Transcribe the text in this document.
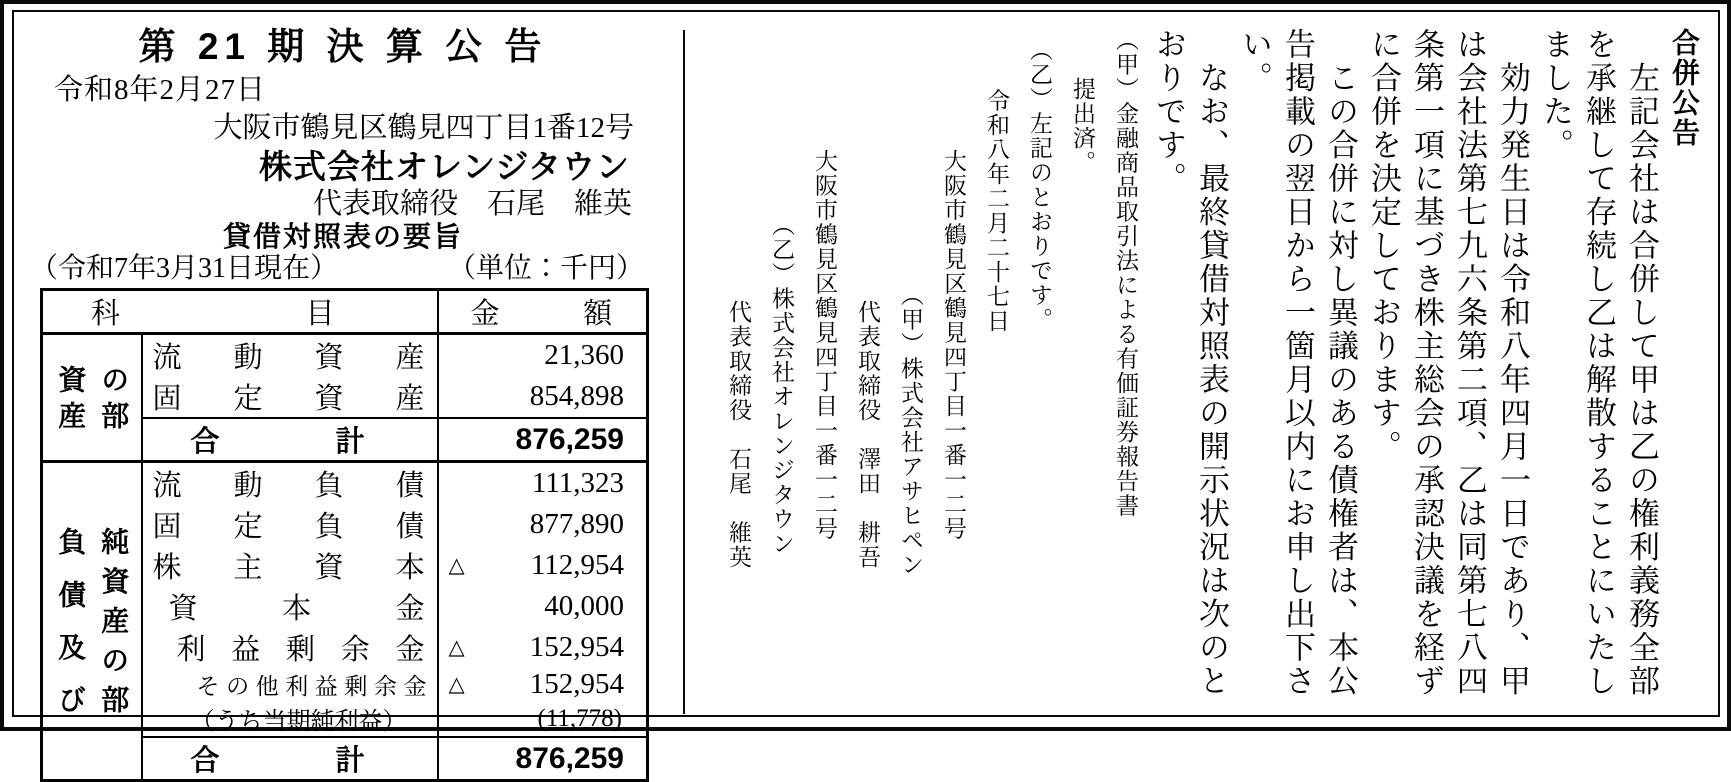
第 21 期 決 算 公 告
令和8年2月27日
大阪市鶴見区鶴見四丁目1番12号
株式会社オレンジタウン
代表取締役　石尾　維英
貸借対照表の要旨
（令和7年3月31日現在）	（単位：千円）
科目		金額

資産 の部	流動資産	21,360
	固定資産	854,898
	合計	876,259

負債及び 純資産の部	流動負債	111,323
	固定負債	877,890
	株主資本	△ 112,954
	資本金	40,000
	利益剰余金	△ 152,954
	その他利益剰余金	△ 152,954
	（うち当期純利益）	(11,778)
	合計	876,259

合併公告

　左記会社は合併して甲は乙の権利義務全部

を承継して存続し乙は解散することにいたし

ました。

　効力発生日は令和八年四月一日であり、甲

は会社法第七九六条第二項、乙は同第七八四

条第一項に基づき株主総会の承認決議を経ず

に合併を決定しております。

　この合併に対し異議のある債権者は、本公

告掲載の翌日から一箇月以内にお申し出下さ

い。

　なお、最終貸借対照表の開示状況は次のと

おりです。

（甲）金融商品取引法による有価証券報告書

　　提出済。

（乙）左記のとおりです。

　令和八年二月二十七日

　　大阪市鶴見区鶴見四丁目一番一二号

（甲）株式会社アサヒペン

代表取締役　澤田　耕吾

　　大阪市鶴見区鶴見四丁目一番一二号

（乙）株式会社オレンジタウン

代表取締役　石尾　維英
